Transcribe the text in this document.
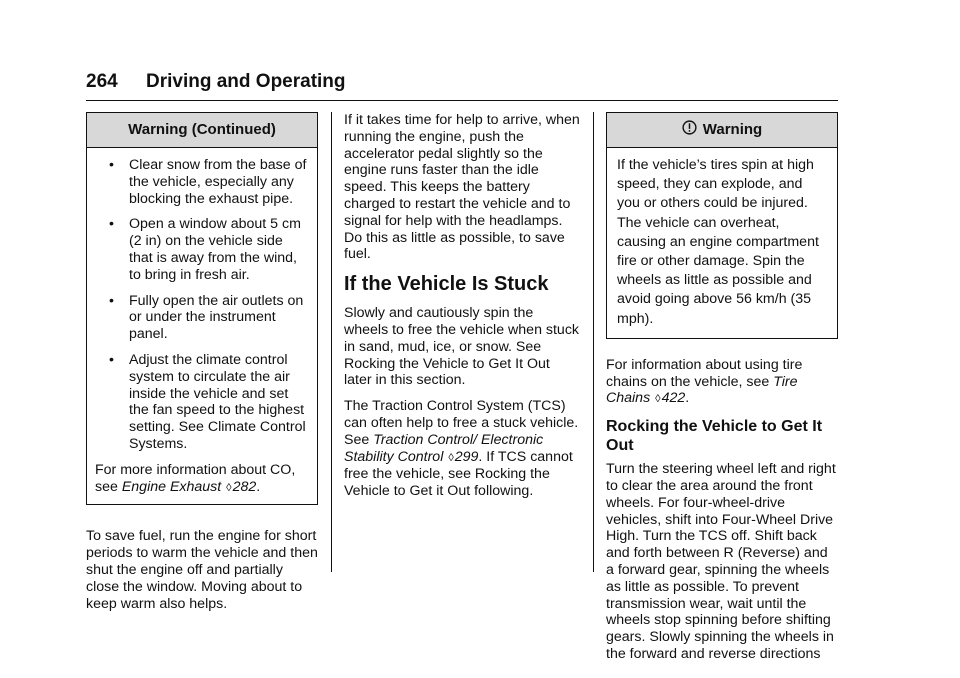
264 Driving and Operating
Warning (Continued)
• Clear snow from the base of the vehicle, especially any blocking the exhaust pipe.
• Open a window about 5 cm (2 in) on the vehicle side that is away from the wind, to bring in fresh air.
• Fully open the air outlets on or under the instrument panel.
• Adjust the climate control system to circulate the air inside the vehicle and set the fan speed to the highest setting. See Climate Control Systems.

For more information about CO, see Engine Exhaust ◊282.

To save fuel, run the engine for short periods to warm the vehicle and then shut the engine off and partially close the window. Moving about to keep warm also helps.

If it takes time for help to arrive, when running the engine, push the accelerator pedal slightly so the engine runs faster than the idle speed. This keeps the battery charged to restart the vehicle and to signal for help with the headlamps. Do this as little as possible, to save fuel.

If the Vehicle Is Stuck

Slowly and cautiously spin the wheels to free the vehicle when stuck in sand, mud, ice, or snow. See Rocking the Vehicle to Get It Out later in this section.

The Traction Control System (TCS) can often help to free a stuck vehicle. See Traction Control/ Electronic Stability Control ◊299. If TCS cannot free the vehicle, see Rocking the Vehicle to Get it Out following.

Warning
If the vehicle’s tires spin at high speed, they can explode, and you or others could be injured. The vehicle can overheat, causing an engine compartment fire or other damage. Spin the wheels as little as possible and avoid going above 56 km/h (35 mph).

For information about using tire chains on the vehicle, see Tire Chains ◊422.

Rocking the Vehicle to Get It Out

Turn the steering wheel left and right to clear the area around the front wheels. For four-wheel-drive vehicles, shift into Four-Wheel Drive High. Turn the TCS off. Shift back and forth between R (Reverse) and a forward gear, spinning the wheels as little as possible. To prevent transmission wear, wait until the wheels stop spinning before shifting gears. Slowly spinning the wheels in the forward and reverse directions
